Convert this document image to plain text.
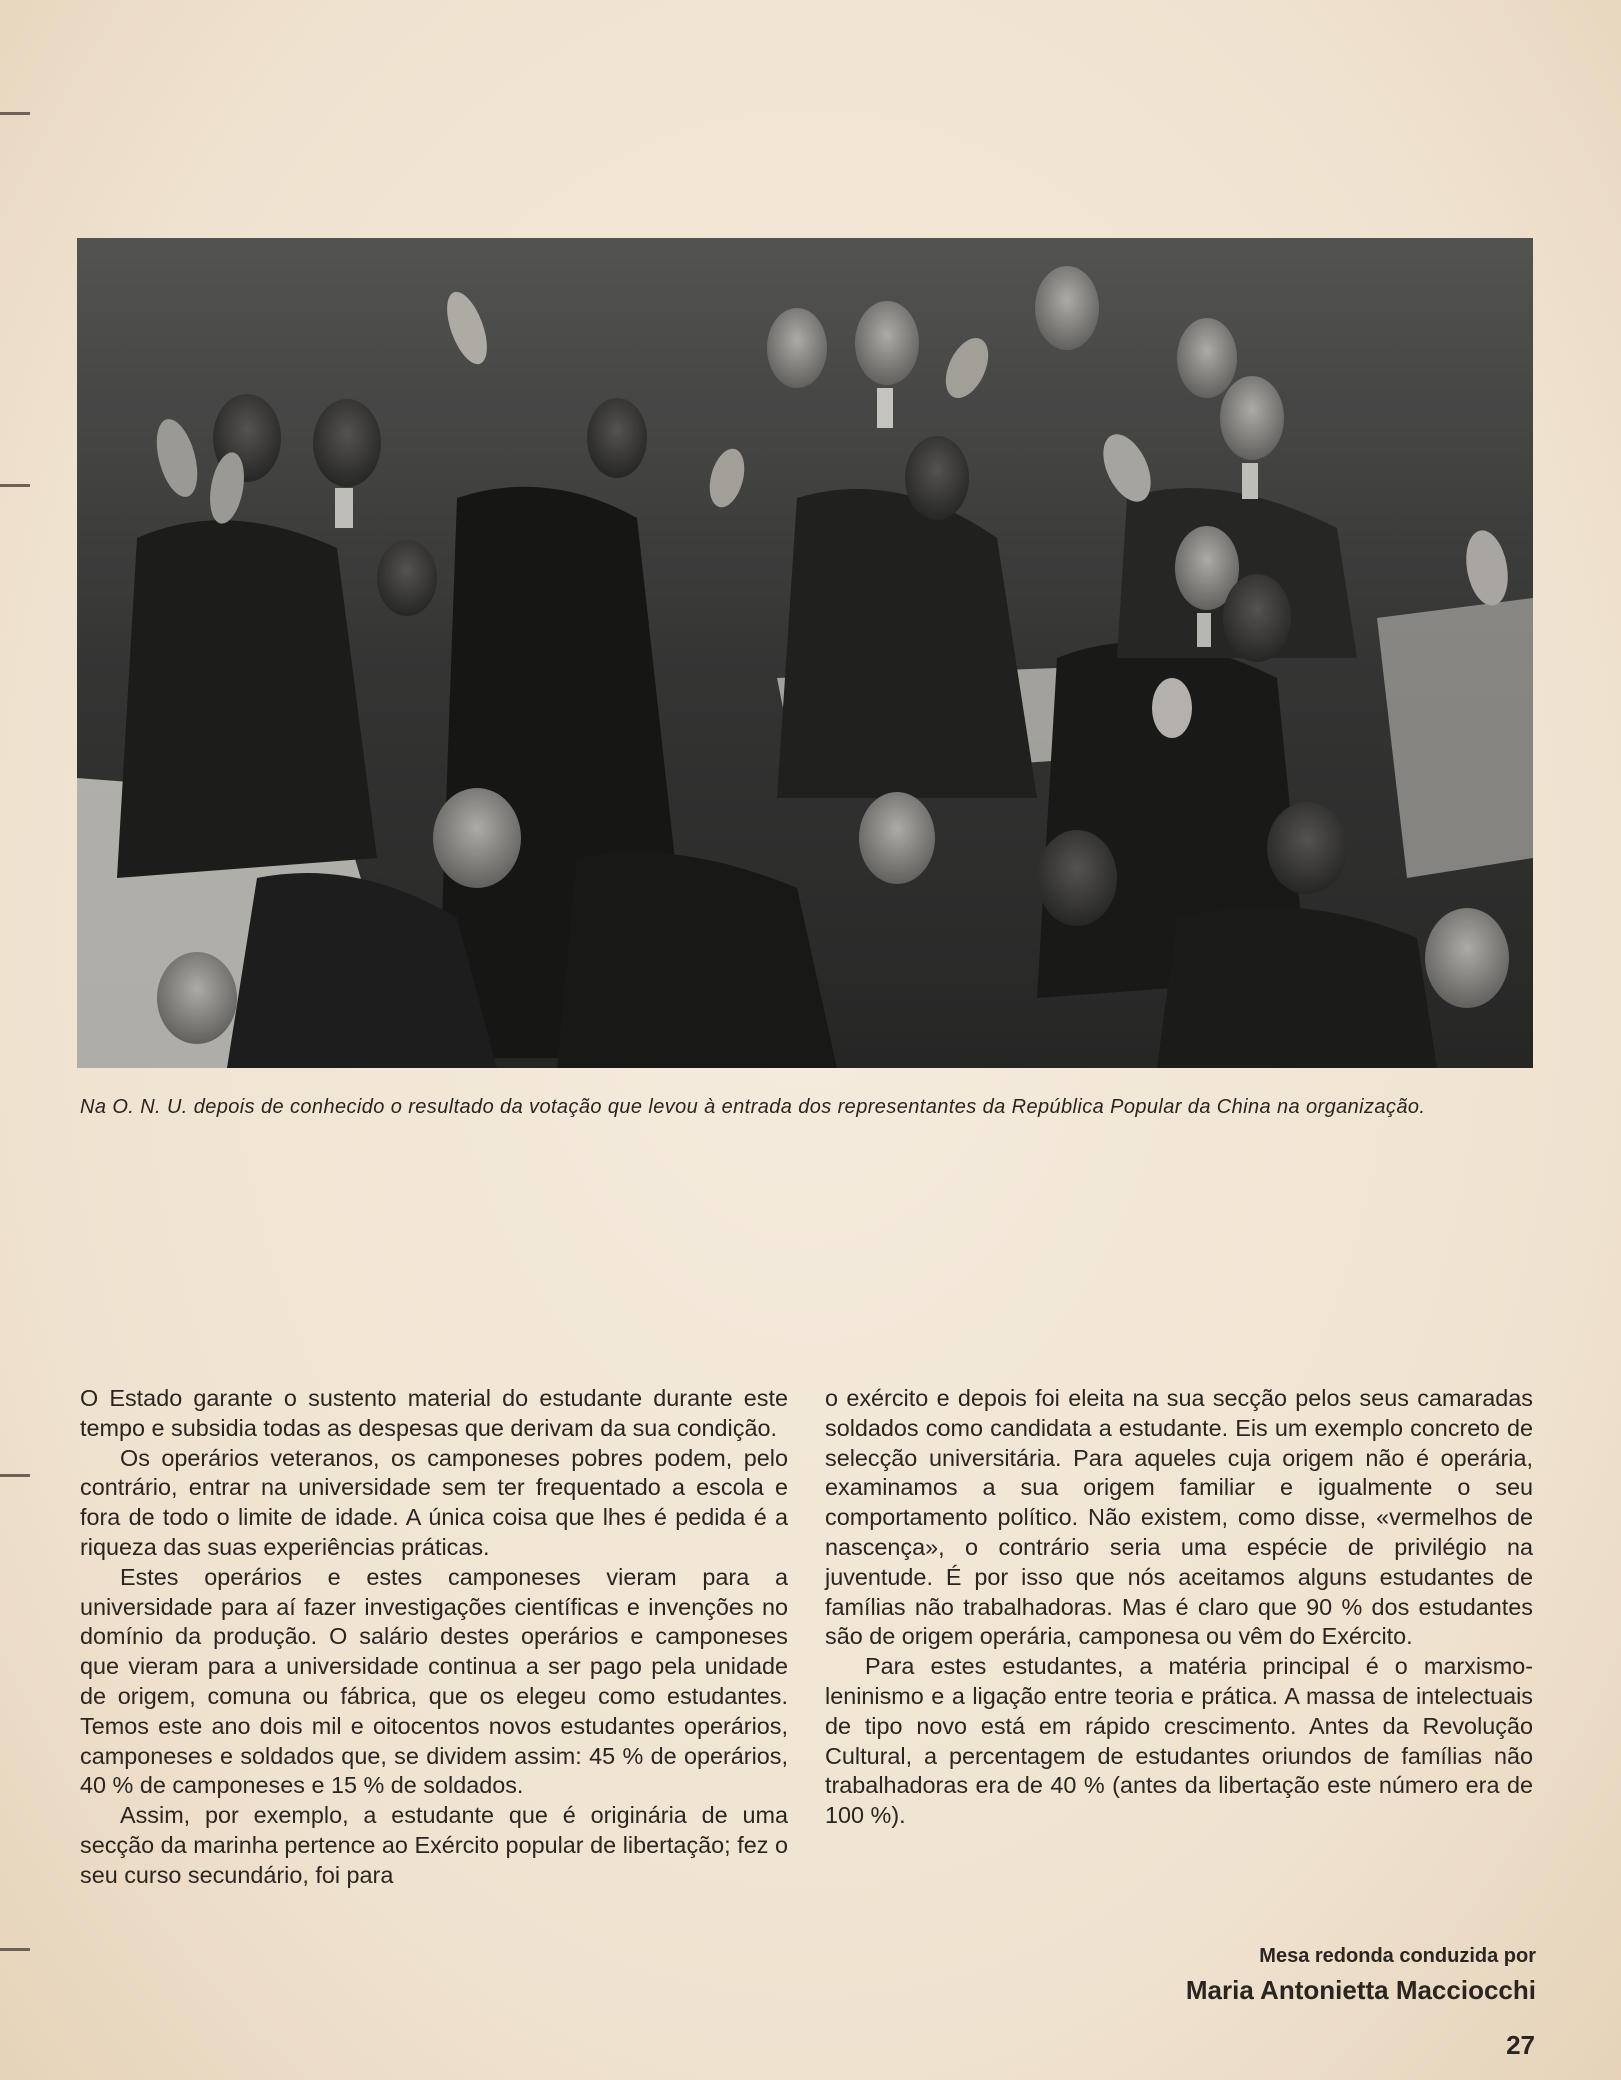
Na O. N. U. depois de conhecido o resultado da votação que levou à entrada dos representantes da República Popular da China na organização.

O Estado garante o sustento material do estudante durante este tempo e subsidia todas as despesas que derivam da sua condição.

Os operários veteranos, os camponeses pobres podem, pelo contrário, entrar na universidade sem ter frequentado a escola e fora de todo o limite de idade. A única coisa que lhes é pedida é a riqueza das suas experiências práticas.

Estes operários e estes camponeses vieram para a universidade para aí fazer investigações científicas e invenções no domínio da produção. O salário destes operários e camponeses que vieram para a universidade continua a ser pago pela unidade de origem, comuna ou fábrica, que os elegeu como estudantes. Temos este ano dois mil e oitocentos novos estudantes operários, camponeses e soldados que, se dividem assim: 45 % de operários, 40 % de camponeses e 15 % de soldados.

Assim, por exemplo, a estudante que é originária de uma secção da marinha pertence ao Exército popular de libertação; fez o seu curso secundário, foi para

o exército e depois foi eleita na sua secção pelos seus camaradas soldados como candidata a estudante. Eis um exemplo concreto de selecção universitária. Para aqueles cuja origem não é operária, examinamos a sua origem familiar e igualmente o seu comportamento político. Não existem, como disse, «vermelhos de nascença», o contrário seria uma espécie de privilégio na juventude. É por isso que nós aceitamos alguns estudantes de famílias não trabalhadoras. Mas é claro que 90 % dos estudantes são de origem operária, camponesa ou vêm do Exército.

Para estes estudantes, a matéria principal é o marxismo-leninismo e a ligação entre teoria e prática. A massa de intelectuais de tipo novo está em rápido crescimento. Antes da Revolução Cultural, a percentagem de estudantes oriundos de famílias não trabalhadoras era de 40 % (antes da libertação este número era de 100 %).

Mesa redonda conduzida por
Maria Antonietta Macciocchi
27
